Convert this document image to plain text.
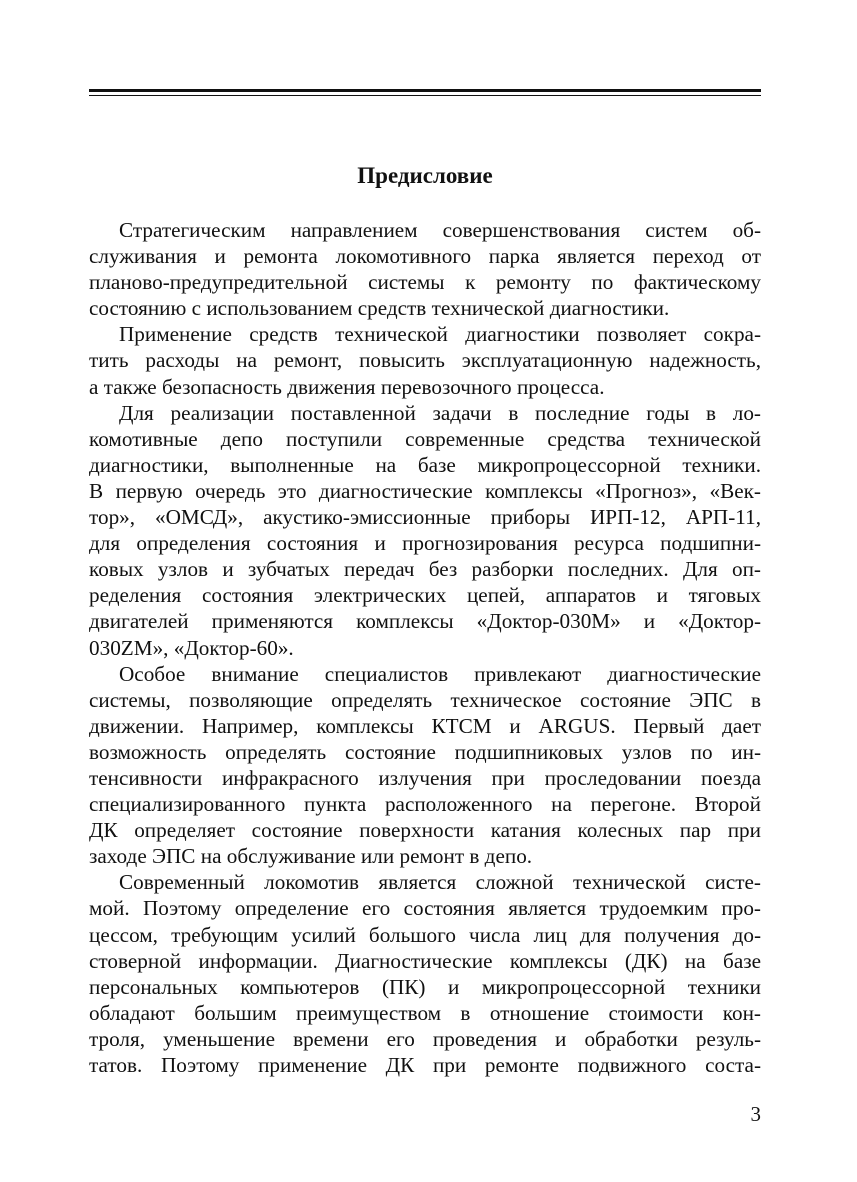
Предисловие
Стратегическим направлением совершенствования систем об-
служивания и ремонта локомотивного парка является переход от
планово-предупредительной системы к ремонту по фактическому
состоянию с использованием средств технической диагностики.
Применение средств технической диагностики позволяет сокра-
тить расходы на ремонт, повысить эксплуатационную надежность,
а также безопасность движения перевозочного процесса.
Для реализации поставленной задачи в последние годы в ло-
комотивные депо поступили современные средства технической
диагностики, выполненные на базе микропроцессорной техники.
В первую очередь это диагностические комплексы «Прогноз», «Век-
тор», «ОМСД», акустико-эмиссионные приборы ИРП-12, АРП-11,
для определения состояния и прогнозирования ресурса подшипни-
ковых узлов и зубчатых передач без разборки последних. Для оп-
ределения состояния электрических цепей, аппаратов и тяговых
двигателей применяются комплексы «Доктор-030М» и «Доктор-
030ZM», «Доктор-60».
Особое внимание специалистов привлекают диагностические
системы, позволяющие определять техническое состояние ЭПС в
движении. Например, комплексы КТСМ и ARGUS. Первый дает
возможность определять состояние подшипниковых узлов по ин-
тенсивности инфракрасного излучения при проследовании поезда
специализированного пункта расположенного на перегоне. Второй
ДК определяет состояние поверхности катания колесных пар при
заходе ЭПС на обслуживание или ремонт в депо.
Современный локомотив является сложной технической систе-
мой. Поэтому определение его состояния является трудоемким про-
цессом, требующим усилий большого числа лиц для получения до-
стоверной информации. Диагностические комплексы (ДК) на базе
персональных компьютеров (ПК) и микропроцессорной техники
обладают большим преимуществом в отношение стоимости кон-
троля, уменьшение времени его проведения и обработки резуль-
татов. Поэтому применение ДК при ремонте подвижного соста-
3
